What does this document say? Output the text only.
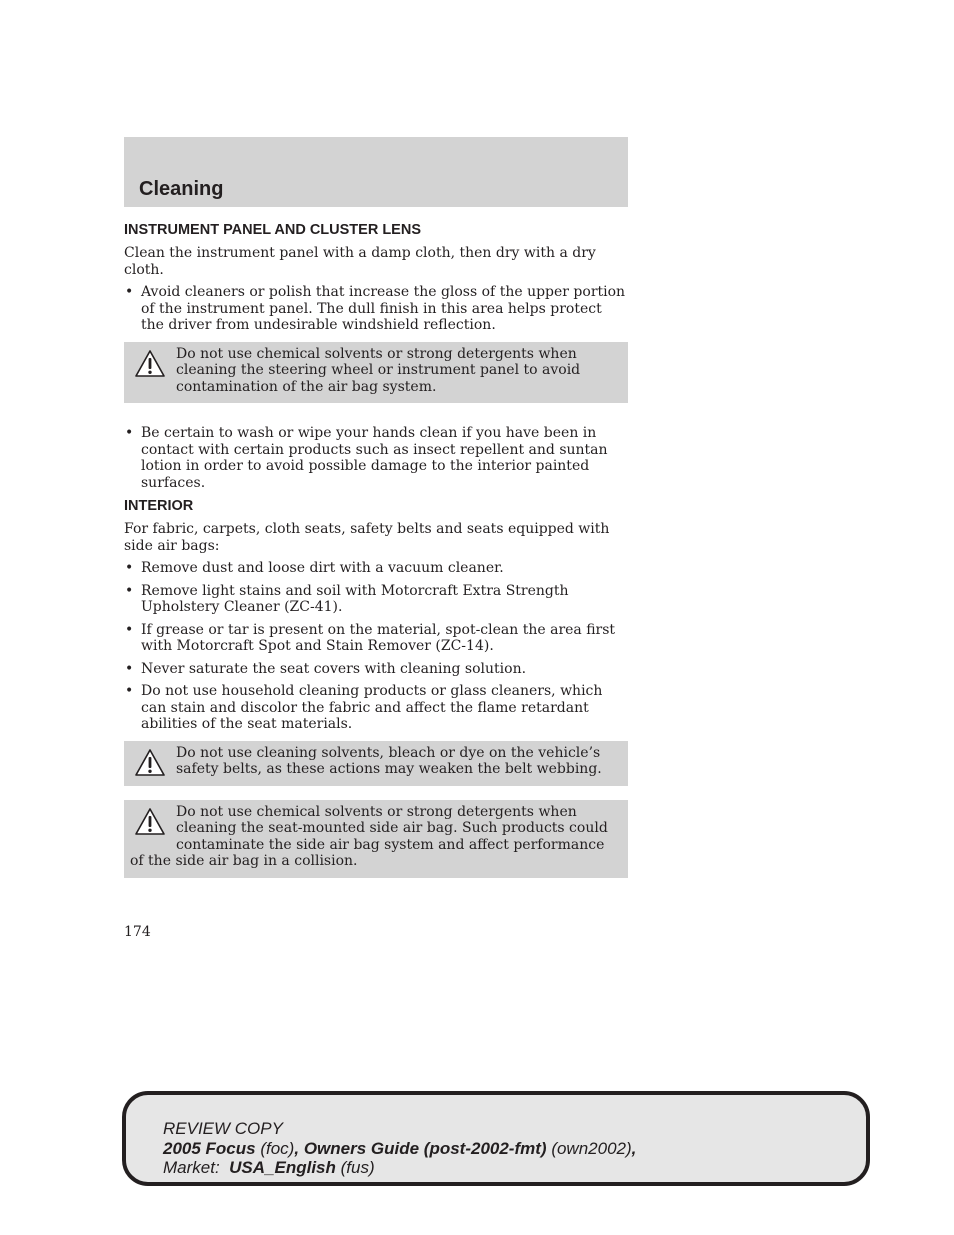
Cleaning
INSTRUMENT PANEL AND CLUSTER LENS

Clean the instrument panel with a damp cloth, then dry with a dry cloth.

• Avoid cleaners or polish that increase the gloss of the upper portion of the instrument panel. The dull finish in this area helps protect the driver from undesirable windshield reflection.
Do not use chemical solvents or strong detergents when cleaning the steering wheel or instrument panel to avoid contamination of the air bag system.
• Be certain to wash or wipe your hands clean if you have been in contact with certain products such as insect repellent and suntan lotion in order to avoid possible damage to the interior painted surfaces.
INTERIOR

For fabric, carpets, cloth seats, safety belts and seats equipped with side air bags:

• Remove dust and loose dirt with a vacuum cleaner.
• Remove light stains and soil with Motorcraft Extra Strength Upholstery Cleaner (ZC-41).
• If grease or tar is present on the material, spot-clean the area first with Motorcraft Spot and Stain Remover (ZC-14).
• Never saturate the seat covers with cleaning solution.
• Do not use household cleaning products or glass cleaners, which can stain and discolor the fabric and affect the flame retardant abilities of the seat materials.
Do not use cleaning solvents, bleach or dye on the vehicle’s safety belts, as these actions may weaken the belt webbing.
Do not use chemical solvents or strong detergents when cleaning the seat-mounted side air bag. Such products could contaminate the side air bag system and affect performance of the side air bag in a collision.
174
REVIEW COPY
2005 Focus (foc), Owners Guide (post-2002-fmt) (own2002),
Market: USA_English (fus)
